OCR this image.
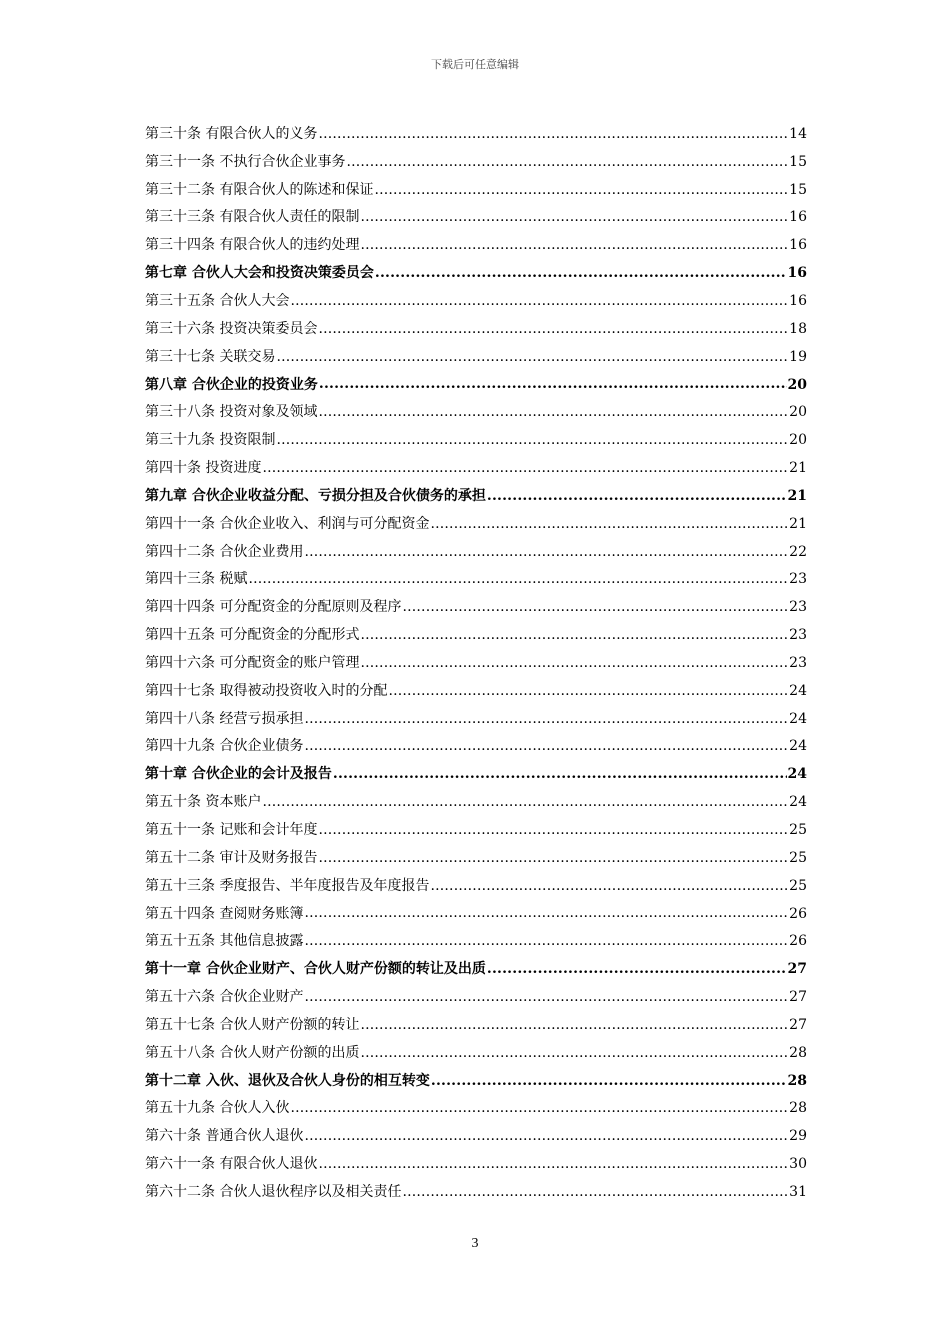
下载后可任意编辑
第三十条 有限合伙人的义务 .....	14
第三十一条 不执行合伙企业事务 .....	15
第三十二条 有限合伙人的陈述和保证 .....	15
第三十三条 有限合伙人责任的限制 .....	16
第三十四条 有限合伙人的违约处理 .....	16
第七章 合伙人大会和投资决策委员会 .....	16
第三十五条 合伙人大会 .....	16
第三十六条 投资决策委员会 .....	18
第三十七条 关联交易 .....	19
第八章 合伙企业的投资业务 .....	20
第三十八条 投资对象及领域 .....	20
第三十九条 投资限制 .....	20
第四十条 投资进度 .....	21
第九章 合伙企业收益分配、亏损分担及合伙债务的承担 .....	21
第四十一条 合伙企业收入、利润与可分配资金 .....	21
第四十二条 合伙企业费用 .....	22
第四十三条 税赋 .....	23
第四十四条 可分配资金的分配原则及程序 .....	23
第四十五条 可分配资金的分配形式 .....	23
第四十六条 可分配资金的账户管理 .....	23
第四十七条 取得被动投资收入时的分配 .....	24
第四十八条 经营亏损承担 .....	24
第四十九条 合伙企业债务 .....	24
第十章 合伙企业的会计及报告 .....	24
第五十条 资本账户 .....	24
第五十一条 记账和会计年度 .....	25
第五十二条 审计及财务报告 .....	25
第五十三条 季度报告、半年度报告及年度报告 .....	25
第五十四条 查阅财务账簿 .....	26
第五十五条 其他信息披露 .....	26
第十一章 合伙企业财产、合伙人财产份额的转让及出质 .....	27
第五十六条 合伙企业财产 .....	27
第五十七条 合伙人财产份额的转让 .....	27
第五十八条 合伙人财产份额的出质 .....	28
第十二章 入伙、退伙及合伙人身份的相互转变 .....	28
第五十九条 合伙人入伙 .....	28
第六十条 普通合伙人退伙 .....	29
第六十一条 有限合伙人退伙 .....	30
第六十二条 合伙人退伙程序以及相关责任 .....	31
3
